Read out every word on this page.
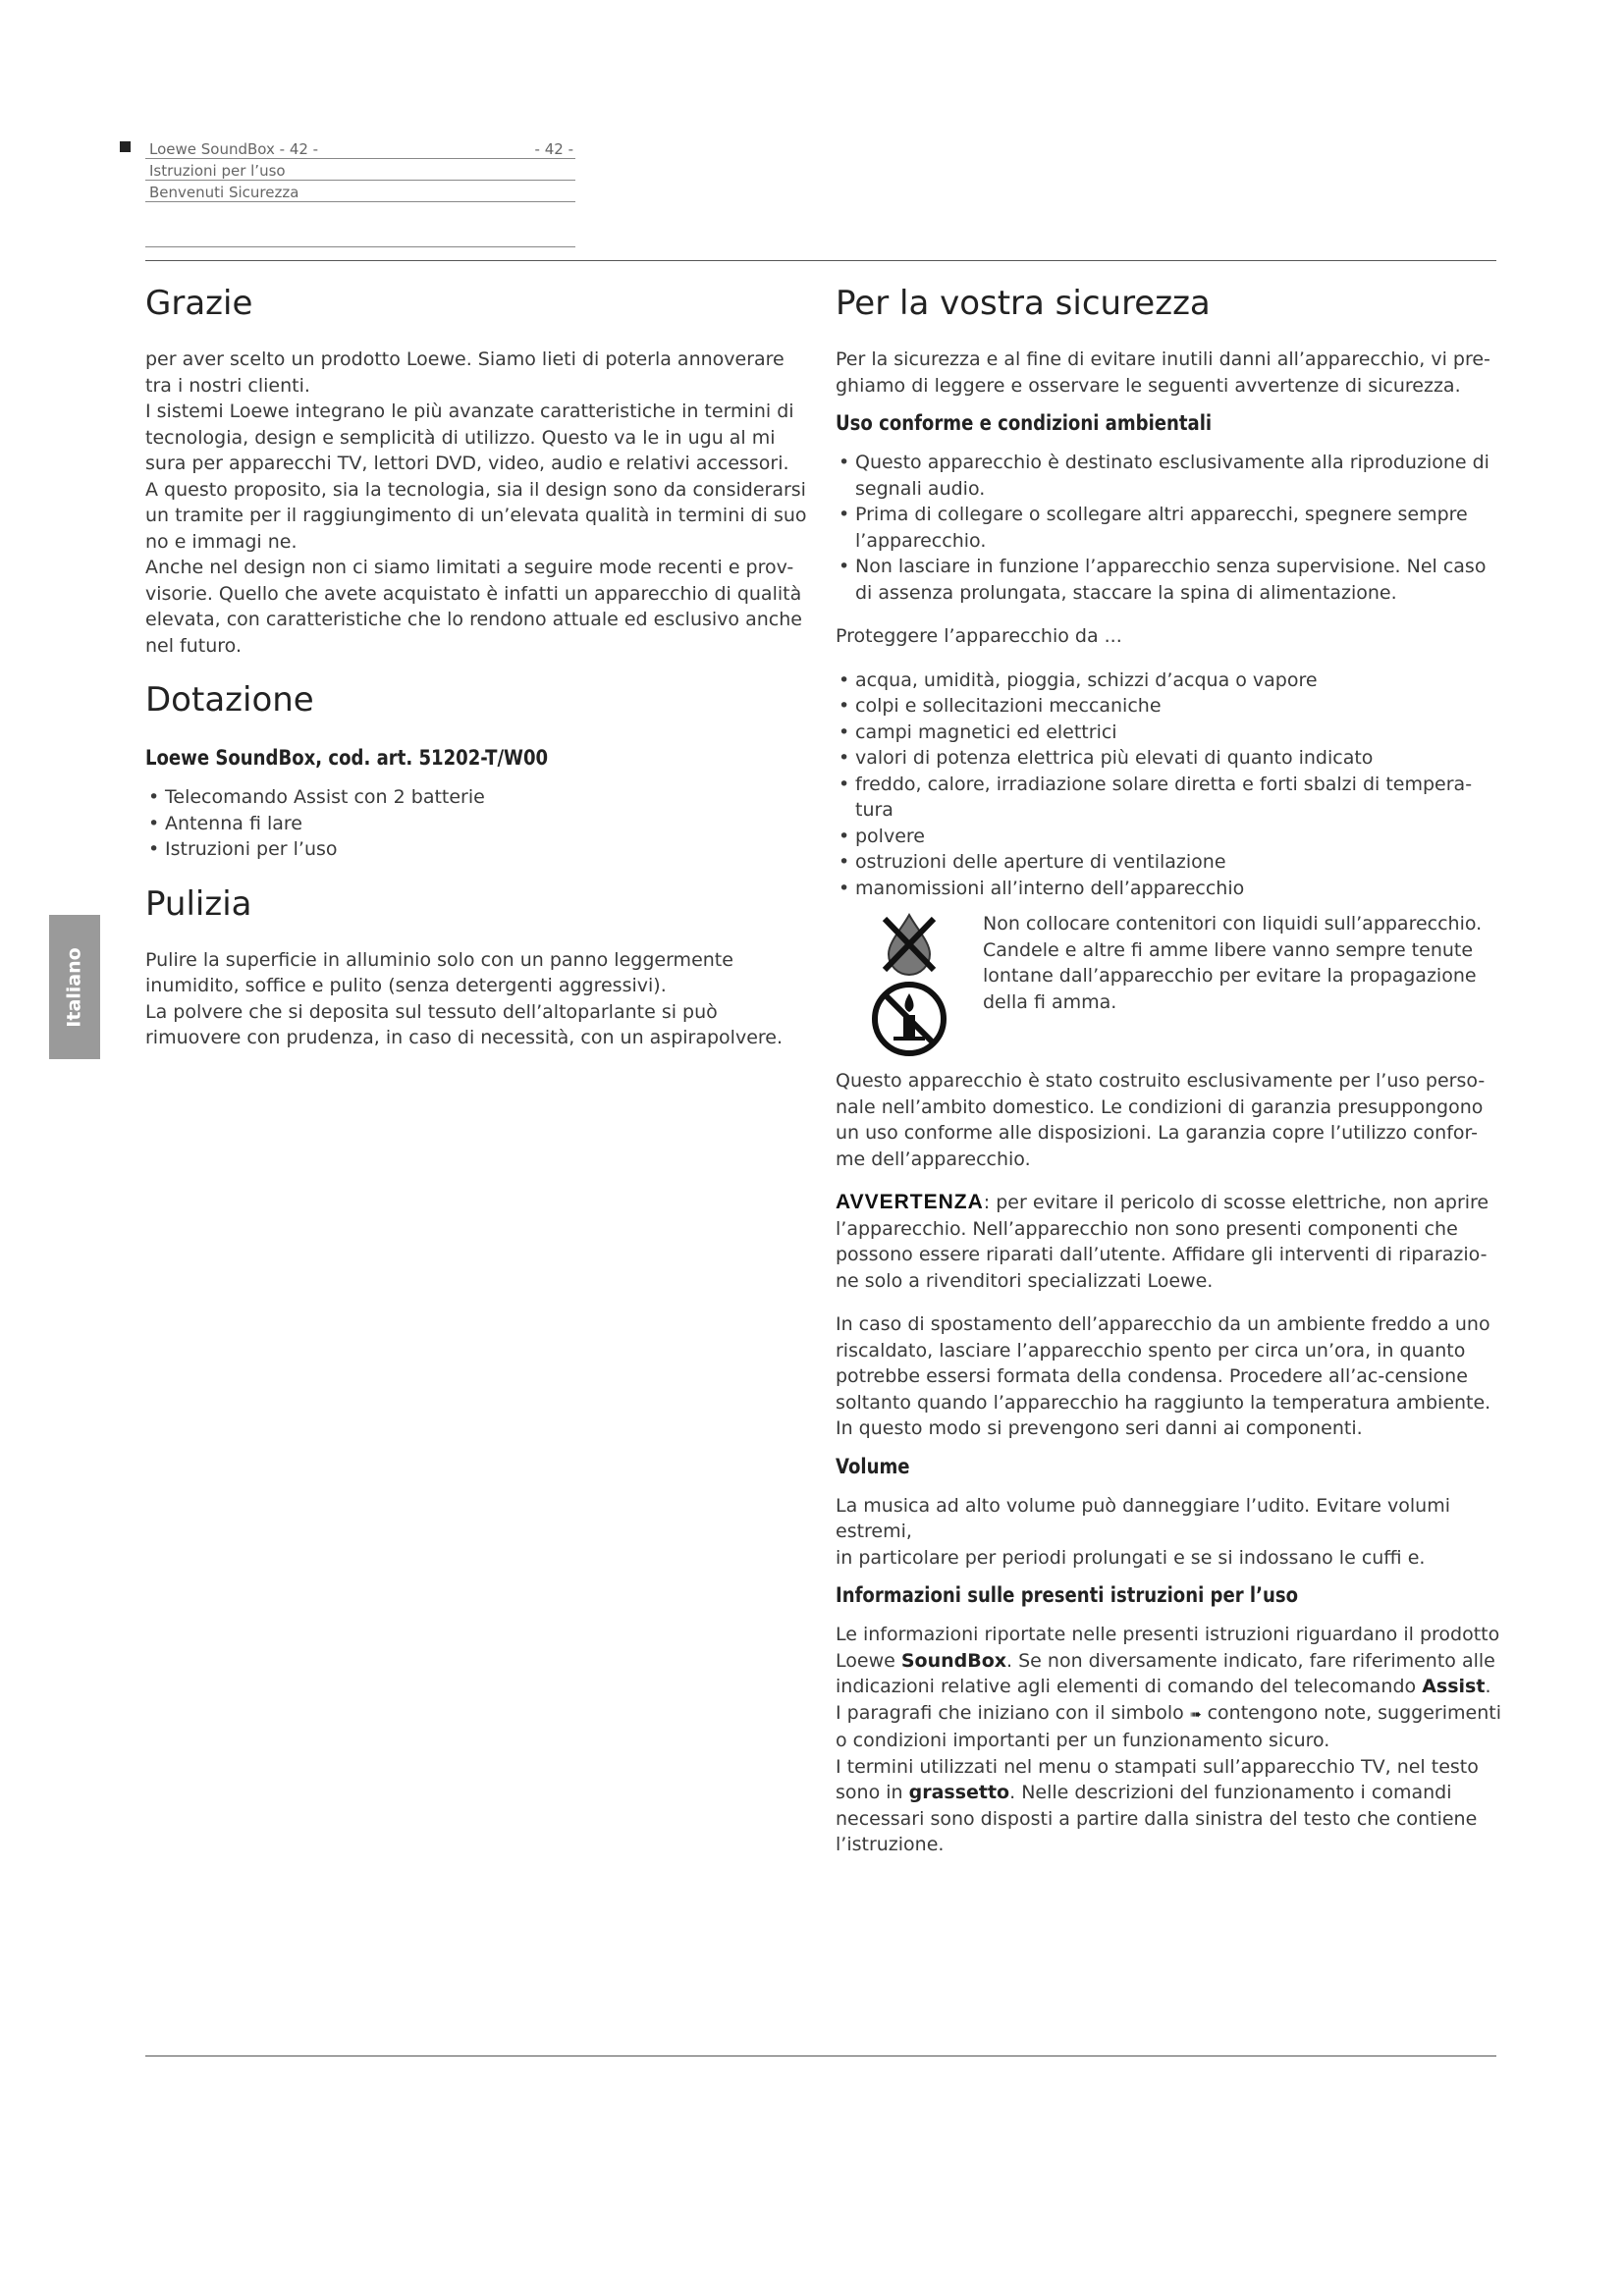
Loewe SoundBox - 42 -	- 42 -
Istruzioni per l’uso
Benvenuti Sicurezza
Italiano
Grazie

per aver scelto un prodotto Loewe. Siamo lieti di poterla annoverare tra i nostri clienti.

I sistemi Loewe integrano le più avanzate caratteristiche in termini di tecnologia, design e semplicità di utilizzo. Questo va le in ugu al mi sura per apparecchi TV, lettori DVD, video, audio e relativi accessori.

A questo proposito, sia la tecnologia, sia il design sono da considerarsi un tramite per il raggiungimento di un’elevata qualità in termini di suo no e immagi ne.

Anche nel design non ci siamo limitati a seguire mode recenti e prov-visorie. Quello che avete acquistato è infatti un apparecchio di qualità elevata, con caratteristiche che lo rendono attuale ed esclusivo anche nel futuro.

Dotazione
Loewe SoundBox, cod. art. 51202-T/W00
• Telecomando Assist con 2 batterie
• Antenna fi lare
• Istruzioni per l’uso
Pulizia

Pulire la superficie in alluminio solo con un panno leggermente inumidito, soffice e pulito (senza detergenti aggressivi).

La polvere che si deposita sul tessuto dell’altoparlante si può rimuovere con prudenza, in caso di necessità, con un aspirapolvere.

Per la vostra sicurezza

Per la sicurezza e al fine di evitare inutili danni all’apparecchio, vi pre-ghiamo di leggere e osservare le seguenti avvertenze di sicurezza.

Uso conforme e condizioni ambientali
• Questo apparecchio è destinato esclusivamente alla riproduzione di segnali audio.
• Prima di collegare o scollegare altri apparecchi, spegnere sempre l’apparecchio.
• Non lasciare in funzione l’apparecchio senza supervisione. Nel caso di assenza prolungata, staccare la spina di alimentazione.

Proteggere l’apparecchio da ...

• acqua, umidità, pioggia, schizzi d’acqua o vapore
• colpi e sollecitazioni meccaniche
• campi magnetici ed elettrici
• valori di potenza elettrica più elevati di quanto indicato
• freddo, calore, irradiazione solare diretta e forti sbalzi di tempera-tura
• polvere
• ostruzioni delle aperture di ventilazione
• manomissioni all’interno dell’apparecchio

Non collocare contenitori con liquidi sull’apparecchio. Candele e altre fi amme libere vanno sempre tenute lontane dall’apparecchio per evitare la propagazione della fi amma.

Questo apparecchio è stato costruito esclusivamente per l’uso perso-nale nell’ambito domestico. Le condizioni di garanzia presuppongono un uso conforme alle disposizioni. La garanzia copre l’utilizzo confor-me dell’apparecchio.

AVVERTENZA: per evitare il pericolo di scosse elettriche, non aprire l’apparecchio. Nell’apparecchio non sono presenti componenti che possono essere riparati dall’utente. Affidare gli interventi di riparazio-ne solo a rivenditori specializzati Loewe.

In caso di spostamento dell’apparecchio da un ambiente freddo a uno riscaldato, lasciare l’apparecchio spento per circa un’ora, in quanto potrebbe essersi formata della condensa. Procedere all’ac-censione soltanto quando l’apparecchio ha raggiunto la temperatura ambiente. In questo modo si prevengono seri danni ai componenti.

Volume

La musica ad alto volume può danneggiare l’udito. Evitare volumi estremi,

in particolare per periodi prolungati e se si indossano le cuffi e.

Informazioni sulle presenti istruzioni per l’uso

Le informazioni riportate nelle presenti istruzioni riguardano il prodotto Loewe SoundBox. Se non diversamente indicato, fare riferimento alle indicazioni relative agli elementi di comando del telecomando Assist.

I paragrafi che iniziano con il simbolo ➠ contengono note, suggerimenti o condizioni importanti per un funzionamento sicuro.

I termini utilizzati nel menu o stampati sull’apparecchio TV, nel testo sono in grassetto. Nelle descrizioni del funzionamento i comandi necessari sono disposti a partire dalla sinistra del testo che contiene l’istruzione.
